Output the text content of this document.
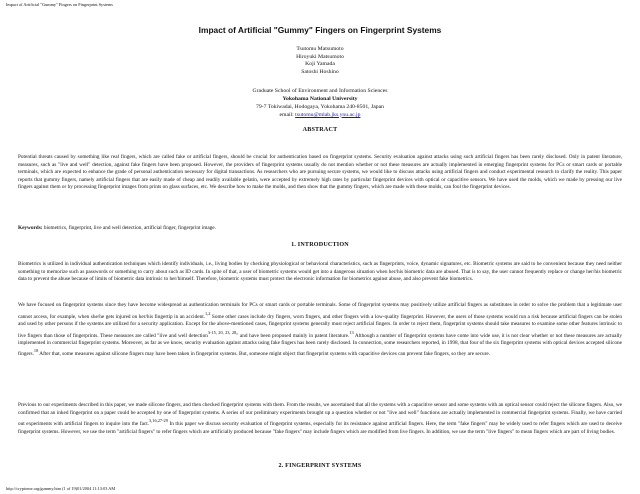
Impact of Artificial "Gummy" Fingers on Fingerprint Systems
Impact of Artificial "Gummy" Fingers on Fingerprint Systems
Tsutomu Matsumoto
Hiroyuki Matsumoto
Koji Yamada
Satoshi Hoshino
Graduate School of Environment and Information Sciences
Yokohama National University
79-7 Tokiwadai, Hodogaya, Yokohama 240-8501, Japan
email: tsutomu@mlab.jks.ynu.ac.jp
ABSTRACT

Potential threats caused by something like real fingers, which are called fake or artificial fingers, should be crucial for authentication based on fingerprint systems. Security evaluation against attacks using such artificial fingers has been rarely disclosed. Only in patent literature, measures, such as "live and well" detection, against fake fingers have been proposed. However, the providers of fingerprint systems usually do not mention whether or not these measures are actually implemented in emerging fingerprint systems for PCs or smart cards or portable terminals, which are expected to enhance the grade of personal authentication necessary for digital transactions. As researchers who are pursuing secure systems, we would like to discuss attacks using artificial fingers and conduct experimental research to clarify the reality. This paper reports that gummy fingers, namely artificial fingers that are easily made of cheap and readily available gelatin, were accepted by extremely high rates by particular fingerprint devices with optical or capacitive sensors. We have used the molds, which we made by pressing our live fingers against them or by processing fingerprint images from prints on glass surfaces, etc. We describe how to make the molds, and then show that the gummy fingers, which are made with these molds, can fool the fingerprint devices.

Keywords: biometrics, fingerprint, live and well detection, artificial finger, fingerprint image.

1. INTRODUCTION

Biometrics is utilized in individual authentication techniques which identify individuals, i.e., living bodies by checking physiological or behavioral characteristics, such as fingerprints, voice, dynamic signatures, etc. Biometric systems are said to be convenient because they need neither something to memorize such as passwords or something to carry about such as ID cards. In spite of that, a user of biometric systems would get into a dangerous situation when her/his biometric data are abused. That is to say, the user cannot frequently replace or change her/his biometric data to prevent the abuse because of limits of biometric data intrinsic to her/himself. Therefore, biometric systems must protect the electronic information for biometrics against abuse, and also prevent fake biometrics.

We have focused on fingerprint systems since they have become widespread as authentication terminals for PCs or smart cards or portable terminals. Some of fingerprint systems may positively utilize artificial fingers as substitutes in order to solve the problem that a legitimate user cannot access, for example, when she/he gets injured on her/his fingertip in an accident.$^{1,2}$ Some other cases include dry fingers, worn fingers, and other fingers with a low-quality fingerprint. However, the users of those systems would run a risk because artificial fingers can be stolen and used by other persons if the systems are utilized for a security application. Except for the above-mentioned cases, fingerprint systems generally must reject artificial fingers. In order to reject them, fingerprint systems should take measures to examine some other features intrinsic to live fingers than those of fingerprints. These measures are called "live and well detection$^{3-15, 20, 23, 28}$" and have been proposed mainly in patent literature.$^{13}$ Although a number of fingerprint systems have come into wide use, it is not clear whether or not these measures are actually implemented in commercial fingerprint systems. Moreover, as far as we know, security evaluation against attacks using fake fingers has been rarely disclosed. In connection, some researchers reported, in 1998, that four of the six fingerprint systems with optical devices accepted silicone fingers.$^{18}$ After that, some measures against silicone fingers may have been taken in fingerprint systems. But, someone might object that fingerprint systems with capacitive devices can prevent fake fingers, so they are secure.

Previous to our experiments described in this paper, we made silicone fingers, and then checked fingerprint systems with them. From the results, we ascertained that all the systems with a capacitive sensor and some systems with an optical sensor could reject the silicone fingers. Also, we confirmed that an inked fingerprint on a paper could be accepted by one of fingerprint systems. A series of our preliminary experiments brought up a question whether or not "live and well" functions are actually implemented in commercial fingerprint systems. Finally, we have carried out experiments with artificial fingers to inquire into the fact.$^{3,16,27-29}$ In this paper we discuss security evaluation of fingerprint systems, especially for its resistance against artificial fingers. Here, the term "fake fingers" may be widely used to refer fingers which are used to deceive fingerprint systems. However, we use the term "artificial fingers" to refer fingers which are artificially produced because "fake fingers" may include fingers which are modified from live fingers. In addition, we use the term "live fingers" to mean fingers which are part of living bodies.

2. FINGERPRINT SYSTEMS
http://cryptome.org/gummy.htm (1 of 19)01/2004 11:13:03 AM
